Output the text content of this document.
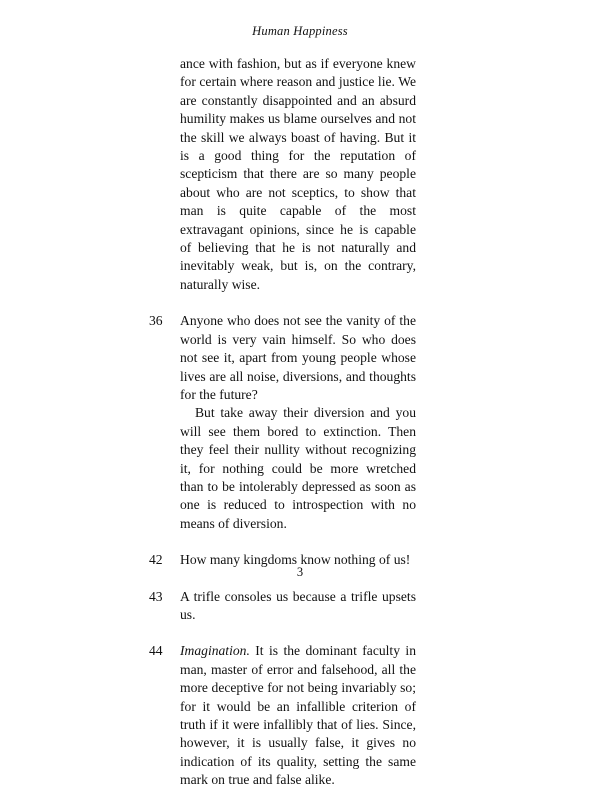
Human Happiness

ance with fashion, but as if everyone knew for certain where reason and justice lie. We are constantly disappointed and an absurd humility makes us blame ourselves and not the skill we always boast of having. But it is a good thing for the reputation of scepticism that there are so many people about who are not sceptics, to show that man is quite capable of the most extravagant opinions, since he is capable of believing that he is not naturally and inevitably weak, but is, on the contrary, naturally wise.

36 Anyone who does not see the vanity of the world is very vain himself. So who does not see it, apart from young people whose lives are all noise, diversions, and thoughts for the future?

But take away their diversion and you will see them bored to extinction. Then they feel their nullity without recognizing it, for nothing could be more wretched than to be intolerably depressed as soon as one is reduced to introspection with no means of diversion.

42 How many kingdoms know nothing of us!

43 A trifle consoles us because a trifle upsets us.

44 Imagination. It is the dominant faculty in man, master of error and falsehood, all the more deceptive for not being invariably so; for it would be an infallible criterion of truth if it were infallibly that of lies. Since, however, it is usually false, it gives no indication of its quality, setting the same mark on true and false alike.

3
